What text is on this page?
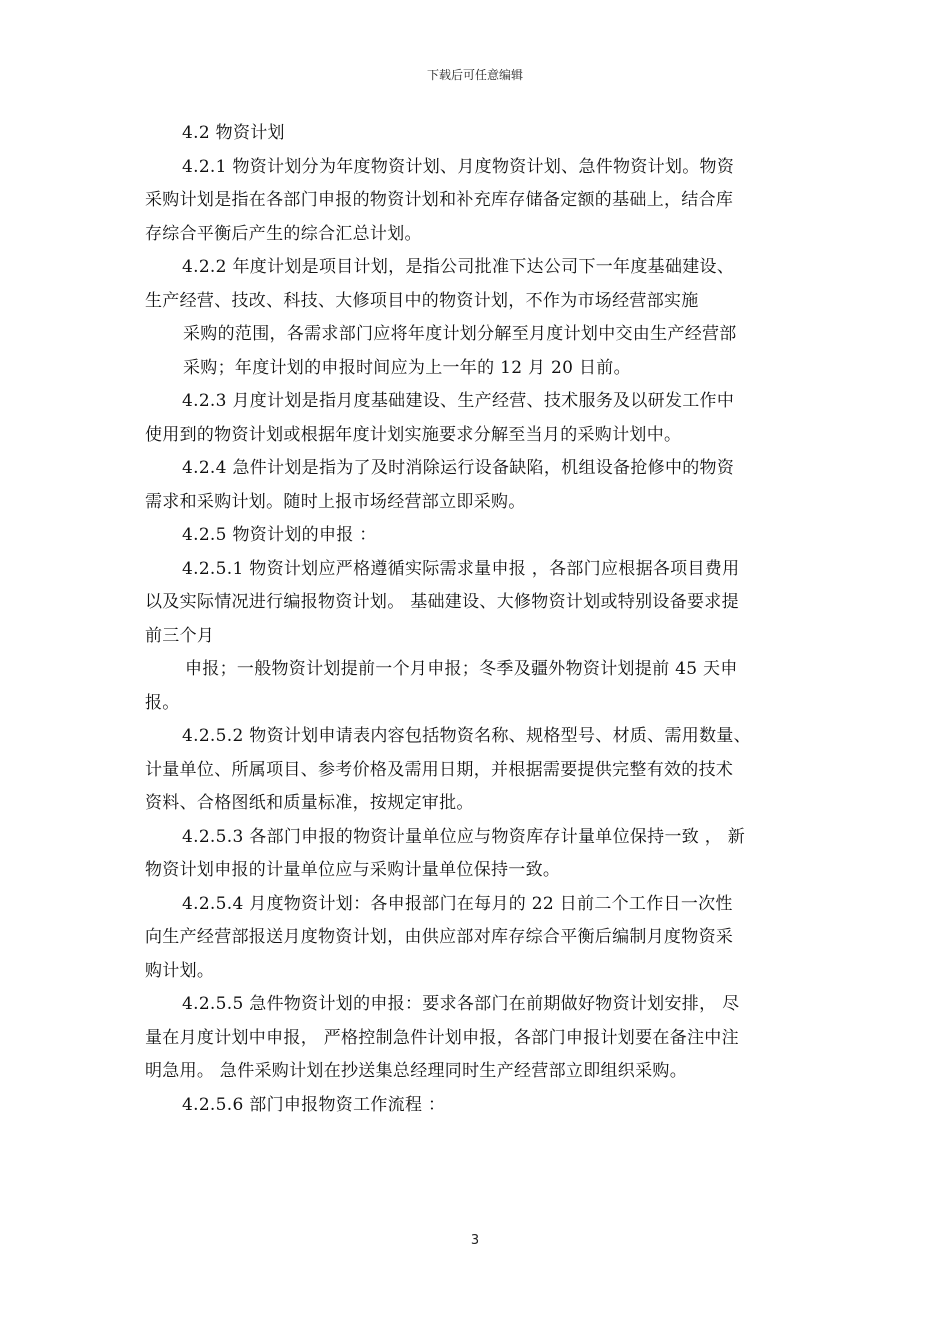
下载后可任意编辑
4.2 物资计划
4.2.1 物资计划分为年度物资计划、月度物资计划、急件物资计划。物资
采购计划是指在各部门申报的物资计划和补充库存储备定额的基础上，结合库
存综合平衡后产生的综合汇总计划。
4.2.2 年度计划是项目计划，是指公司批准下达公司下一年度基础建设、
生产经营、技改、科技、大修项目中的物资计划，不作为市场经营部实施
采购的范围，各需求部门应将年度计划分解至月度计划中交由生产经营部
采购；年度计划的申报时间应为上一年的 12 月 20 日前。
4.2.3 月度计划是指月度基础建设、生产经营、技术服务及以研发工作中
使用到的物资计划或根据年度计划实施要求分解至当月的采购计划中。
4.2.4 急件计划是指为了及时消除运行设备缺陷，机组设备抢修中的物资
需求和采购计划。随时上报市场经营部立即采购。
4.2.5 物资计划的申报 ：
4.2.5.1 物资计划应严格遵循实际需求量申报 ，各部门应根据各项目费用
以及实际情况进行编报物资计划。 基础建设、大修物资计划或特别设备要求提
前三个月
申报；一般物资计划提前一个月申报；冬季及疆外物资计划提前 45 天申
报。
4.2.5.2 物资计划申请表内容包括物资名称、规格型号、材质、需用数量、
计量单位、所属项目、参考价格及需用日期，并根据需要提供完整有效的技术
资料、合格图纸和质量标准，按规定审批。
4.2.5.3 各部门申报的物资计量单位应与物资库存计量单位保持一致 ， 新
物资计划申报的计量单位应与采购计量单位保持一致。
4.2.5.4 月度物资计划：各申报部门在每月的 22 日前二个工作日一次性
向生产经营部报送月度物资计划，由供应部对库存综合平衡后编制月度物资采
购计划。
4.2.5.5 急件物资计划的申报：要求各部门在前期做好物资计划安排， 尽
量在月度计划中申报， 严格控制急件计划申报，各部门申报计划要在备注中注
明急用。 急件采购计划在抄送集总经理同时生产经营部立即组织采购。
4.2.5.6 部门申报物资工作流程 ：
3
